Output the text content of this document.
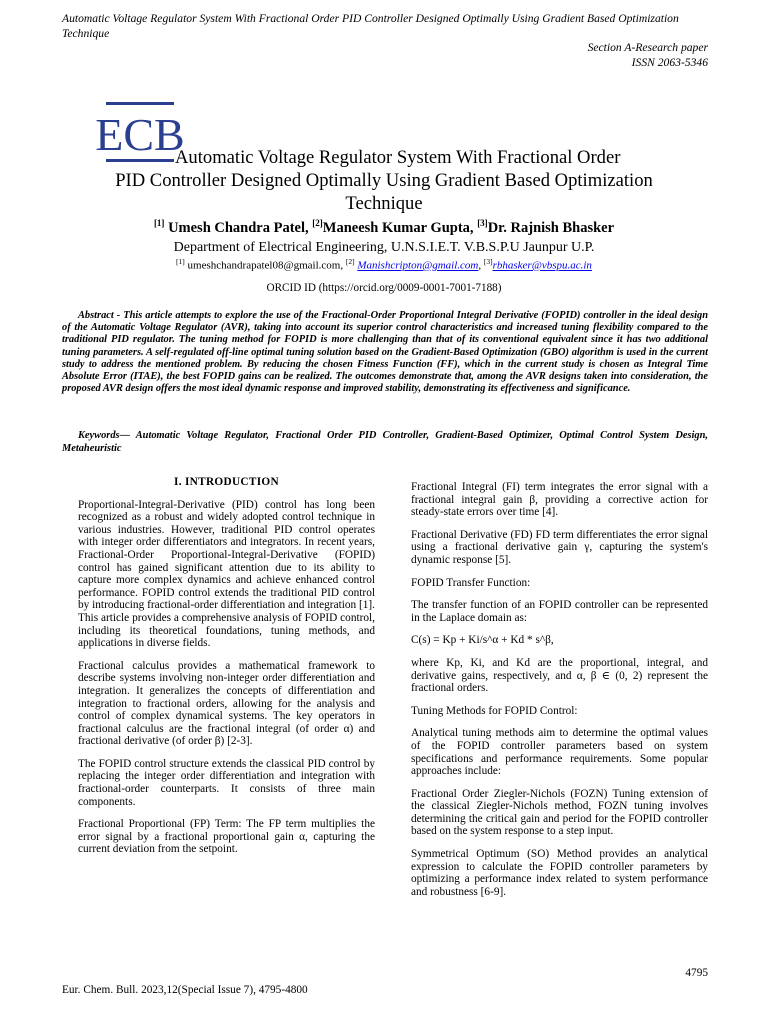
Automatic Voltage Regulator System With Fractional Order PID Controller Designed Optimally Using Gradient Based Optimization Technique
Section A-Research paper
ISSN 2063-5346
ECB
Automatic Voltage Regulator System With Fractional Order
PID Controller Designed Optimally Using Gradient Based Optimization
Technique
[1] Umesh Chandra Patel, [2]Maneesh Kumar Gupta, [3]Dr. Rajnish Bhasker
Department of Electrical Engineering, U.N.S.I.E.T. V.B.S.P.U Jaunpur U.P.
[1] umeshchandrapatel08@gmail.com, [2] Manishcripton@gmail.com, [3]rbhasker@vbspu.ac.in
ORCID ID (https://orcid.org/0009-0001-7001-7188)
Abstract - This article attempts to explore the use of the Fractional-Order Proportional Integral Derivative (FOPID) controller in the ideal design of the Automatic Voltage Regulator (AVR), taking into account its superior control characteristics and increased tuning flexibility compared to the traditional PID regulator. The tuning method for FOPID is more challenging than that of its conventional equivalent since it has two additional tuning parameters. A self-regulated off-line optimal tuning solution based on the Gradient-Based Optimization (GBO) algorithm is used in the current study to address the mentioned problem. By reducing the chosen Fitness Function (FF), which in the current study is chosen as Integral Time Absolute Error (ITAE), the best FOPID gains can be realized. The outcomes demonstrate that, among the AVR designs taken into consideration, the proposed AVR design offers the most ideal dynamic response and improved stability, demonstrating its effectiveness and significance.
Keywords— Automatic Voltage Regulator, Fractional Order PID Controller, Gradient-Based Optimizer, Optimal Control System Design, Metaheuristic

I. INTRODUCTION

Proportional-Integral-Derivative (PID) control has long been recognized as a robust and widely adopted control technique in various industries. However, traditional PID control operates with integer order differentiators and integrators. In recent years, Fractional-Order Proportional-Integral-Derivative (FOPID) control has gained significant attention due to its ability to capture more complex dynamics and achieve enhanced control performance. FOPID control extends the traditional PID control by introducing fractional-order differentiation and integration [1]. This article provides a comprehensive analysis of FOPID control, including its theoretical foundations, tuning methods, and applications in diverse fields.

Fractional calculus provides a mathematical framework to describe systems involving non-integer order differentiation and integration. It generalizes the concepts of differentiation and integration to fractional orders, allowing for the analysis and control of complex dynamical systems. The key operators in fractional calculus are the fractional integral (of order α) and fractional derivative (of order β) [2-3].

The FOPID control structure extends the classical PID control by replacing the integer order differentiation and integration with fractional-order counterparts. It consists of three main components.

Fractional Proportional (FP) Term: The FP term multiplies the error signal by a fractional proportional gain α, capturing the current deviation from the setpoint.

Fractional Integral (FI) term integrates the error signal with a fractional integral gain β, providing a corrective action for steady-state errors over time [4].

Fractional Derivative (FD) FD term differentiates the error signal using a fractional derivative gain γ, capturing the system's dynamic response [5].

FOPID Transfer Function:

The transfer function of an FOPID controller can be represented in the Laplace domain as:

C(s) = Kp + Ki/s^α + Kd * s^β,

where Kp, Ki, and Kd are the proportional, integral, and derivative gains, respectively, and α, β ∈ (0, 2) represent the fractional orders.

Tuning Methods for FOPID Control:

Analytical tuning methods aim to determine the optimal values of the FOPID controller parameters based on system specifications and performance requirements. Some popular approaches include:

Fractional Order Ziegler-Nichols (FOZN) Tuning extension of the classical Ziegler-Nichols method, FOZN tuning involves determining the critical gain and period for the FOPID controller based on the system response to a step input.

Symmetrical Optimum (SO) Method provides an analytical expression to calculate the FOPID controller parameters by optimizing a performance index related to system performance and robustness [6-9].

4795
Eur. Chem. Bull. 2023,12(Special Issue 7), 4795-4800
